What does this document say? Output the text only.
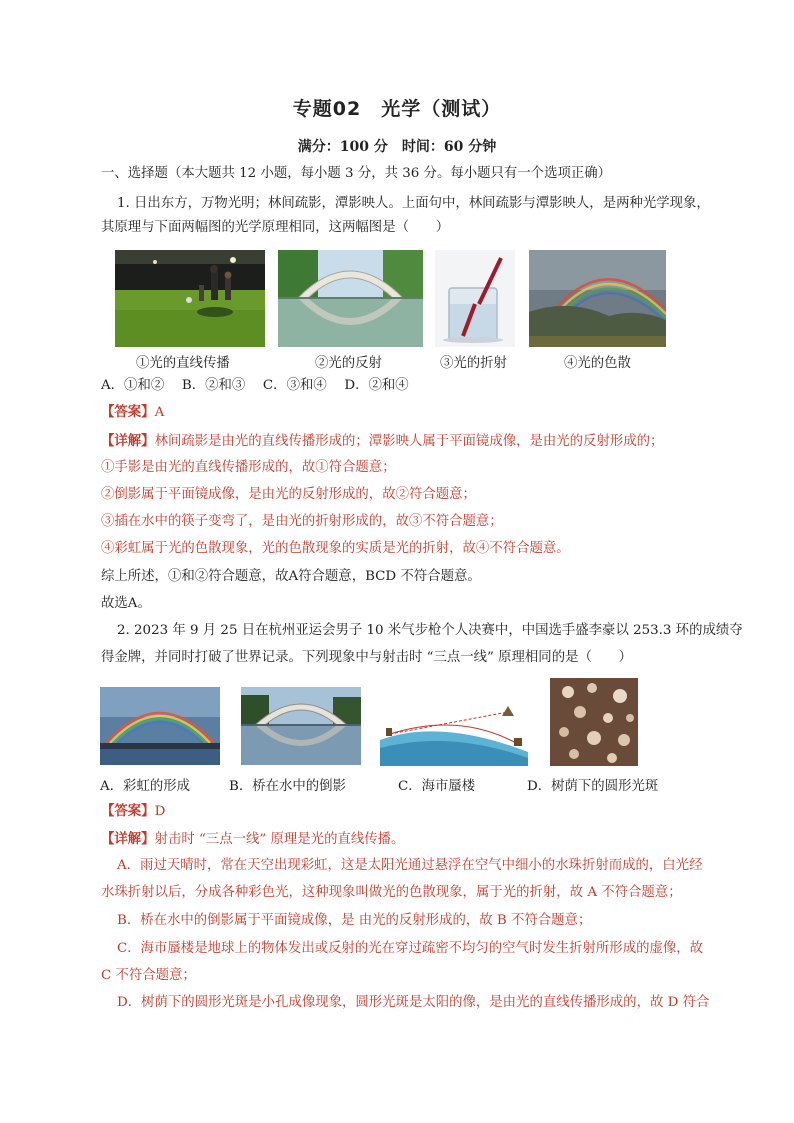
专题02　光学（测试）
满分：100 分　时间：60 分钟
一、选择题（本大题共 12 小题，每小题 3 分，共 36 分。每小题只有一个选项正确）
1. 日出东方，万物光明；林间疏影，潭影映人。上面句中，林间疏影与潭影映人，是两种光学现象，
其原理与下面两幅图的光学原理相同，这两幅图是（　　）
①光的直线传播	②光的反射	③光的折射	④光的色散
A．①和②　 B．②和③　 C．③和④　 D．②和④
【答案】A
【详解】林间疏影是由光的直线传播形成的；潭影映人属于平面镜成像，是由光的反射形成的；
①手影是由光的直线传播形成的，故①符合题意；
②倒影属于平面镜成像，是由光的反射形成的，故②符合题意；
③插在水中的筷子变弯了，是由光的折射形成的，故③不符合题意；
④彩虹属于光的色散现象，光的色散现象的实质是光的折射，故④不符合题意。
综上所述，①和②符合题意，故A符合题意，BCD 不符合题意。
故选A。
2. 2023 年 9 月 25 日在杭州亚运会男子 10 米气步枪个人决赛中，中国选手盛李豪以 253.3 环的成绩夺
得金牌，并同时打破了世界记录。下列现象中与射击时 “三点一线” 原理相同的是（　　）
A．彩虹的形成	B．桥在水中的倒影	C．海市蜃楼	D．树荫下的圆形光斑
【答案】D
【详解】射击时 “三点一线” 原理是光的直线传播。
A．雨过天晴时，常在天空出现彩虹，这是太阳光通过悬浮在空气中细小的水珠折射而成的，白光经
水珠折射以后，分成各种彩色光，这种现象叫做光的色散现象，属于光的折射，故 A 不符合题意；
B．桥在水中的倒影属于平面镜成像，是 由光的反射形成的，故 B 不符合题意；
C．海市蜃楼是地球上的物体发出或反射的光在穿过疏密不均匀的空气时发生折射所形成的虚像，故
C 不符合题意；
D．树荫下的圆形光斑是小孔成像现象，圆形光斑是太阳的像，是由光的直线传播形成的，故 D 符合
